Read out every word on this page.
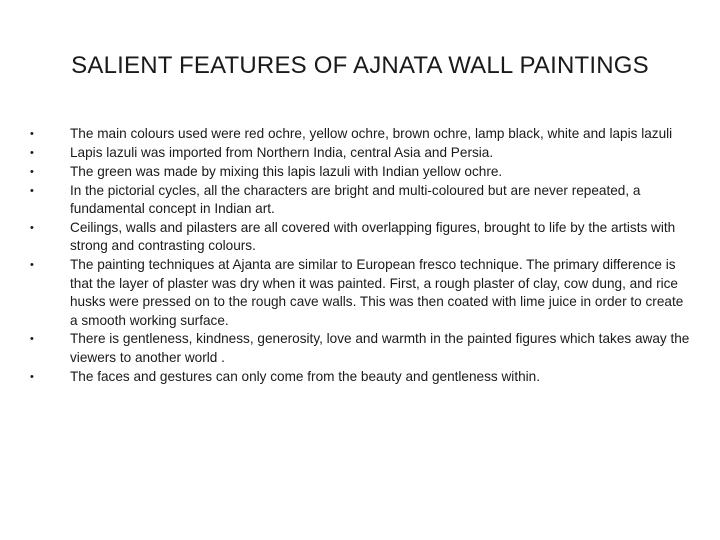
SALIENT FEATURES OF AJNATA WALL PAINTINGS
•	The main colours used were red ochre, yellow ochre, brown ochre, lamp black, white and lapis lazuli
•	Lapis lazuli was imported from Northern India, central Asia and Persia.
•	The green was made by mixing this lapis lazuli with Indian yellow ochre.
•	In the pictorial cycles, all the characters are bright and multi-coloured but are never repeated, a fundamental concept in Indian art.
•	Ceilings, walls and pilasters are all covered with overlapping figures, brought to life by the artists with strong and contrasting colours.
•	The painting techniques at Ajanta are similar to European fresco technique. The primary difference is that the layer of plaster was dry when it was painted. First, a rough plaster of clay, cow dung, and rice husks were pressed on to the rough cave walls. This was then coated with lime juice in order to create a smooth working surface.
•	There is gentleness, kindness, generosity, love and warmth in the painted figures which takes away the viewers to another world .
•	The faces and gestures can only come from the beauty and gentleness within.
